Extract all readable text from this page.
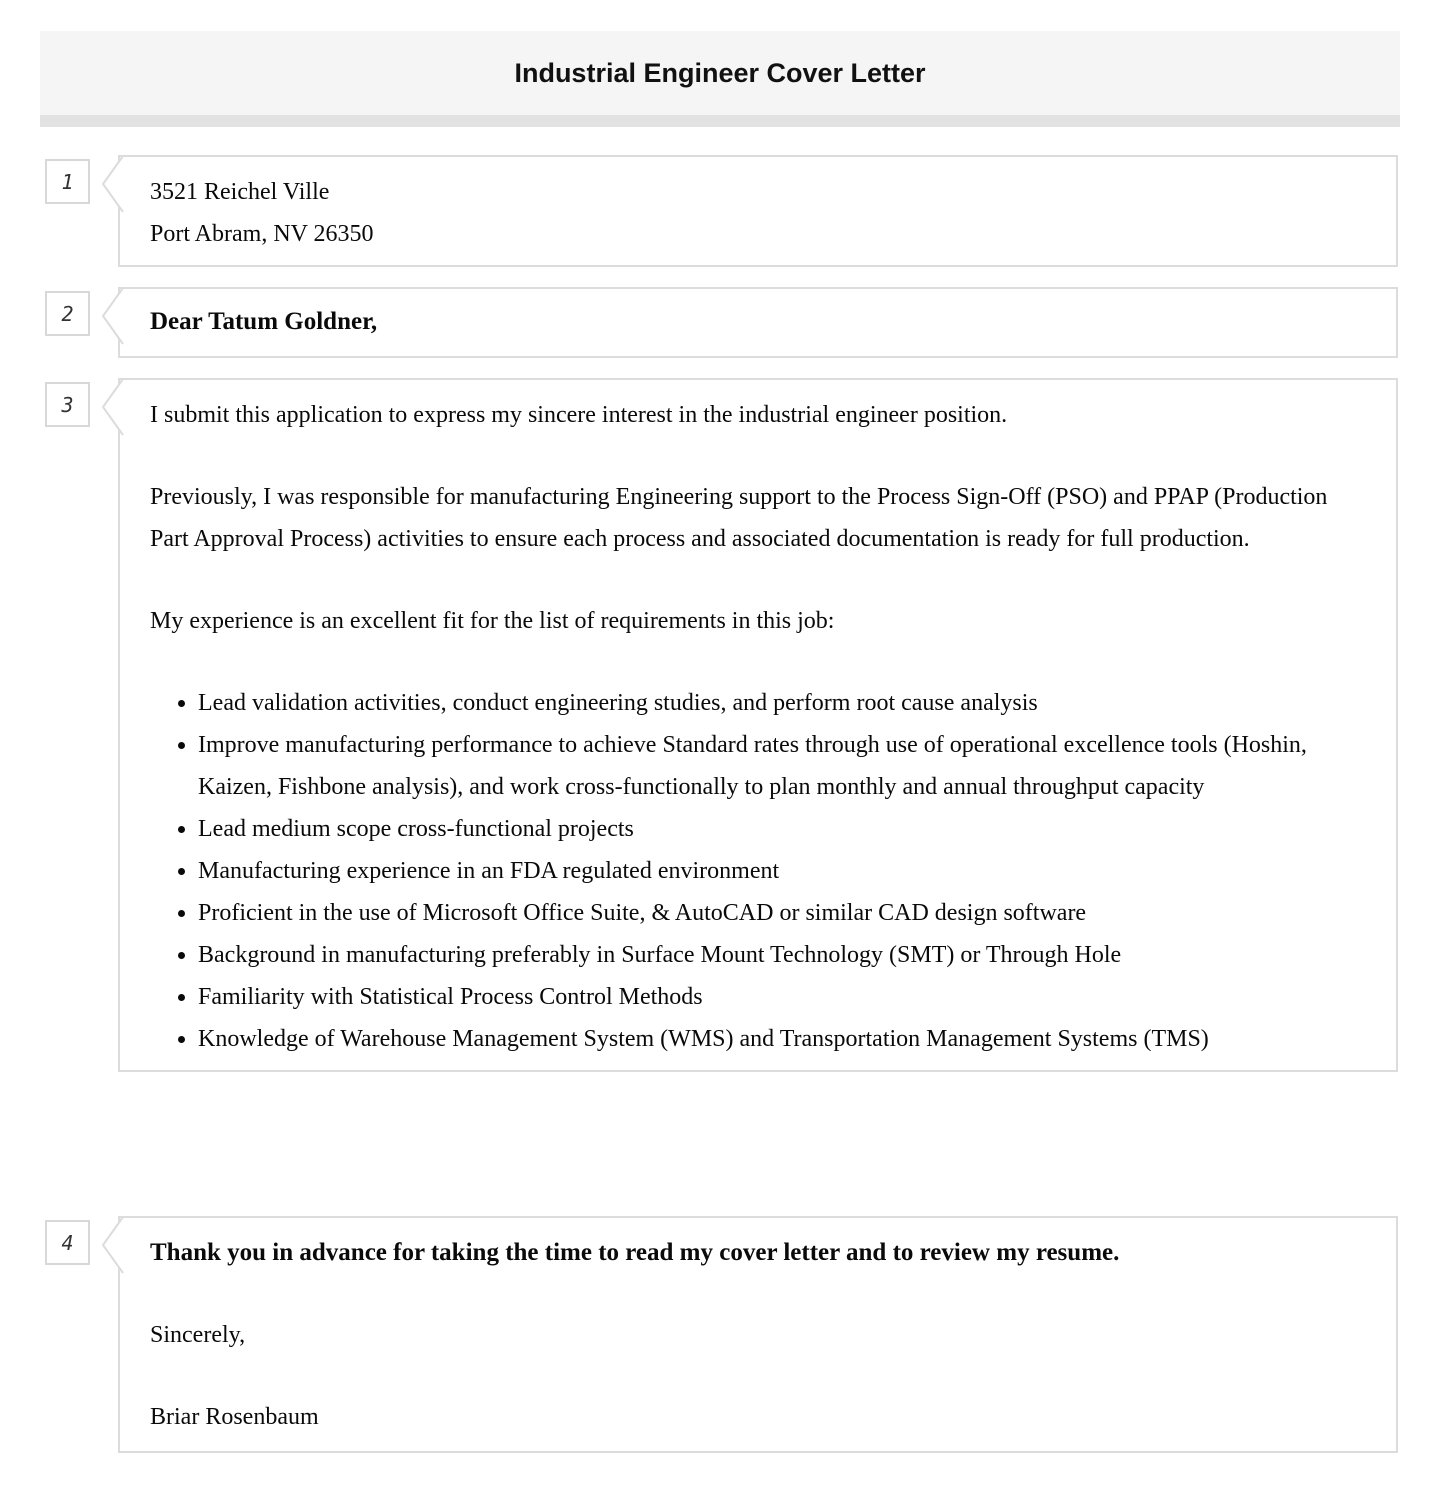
Industrial Engineer Cover Letter
1	3521 Reichel Ville
Port Abram, NV 26350
2	Dear Tatum Goldner,
3	I submit this application to express my sincere interest in the industrial engineer position.

Previously, I was responsible for manufacturing Engineering support to the Process Sign-Off (PSO) and PPAP (Production Part Approval Process) activities to ensure each process and associated documentation is ready for full production.

My experience is an excellent fit for the list of requirements in this job:

• Lead validation activities, conduct engineering studies, and perform root cause analysis
• Improve manufacturing performance to achieve Standard rates through use of operational excellence tools (Hoshin, Kaizen, Fishbone analysis), and work cross-functionally to plan monthly and annual throughput capacity
• Lead medium scope cross-functional projects
• Manufacturing experience in an FDA regulated environment
• Proficient in the use of Microsoft Office Suite, & AutoCAD or similar CAD design software
• Background in manufacturing preferably in Surface Mount Technology (SMT) or Through Hole
• Familiarity with Statistical Process Control Methods
• Knowledge of Warehouse Management System (WMS) and Transportation Management Systems (TMS)
4	Thank you in advance for taking the time to read my cover letter and to review my resume.

Sincerely,

Briar Rosenbaum
